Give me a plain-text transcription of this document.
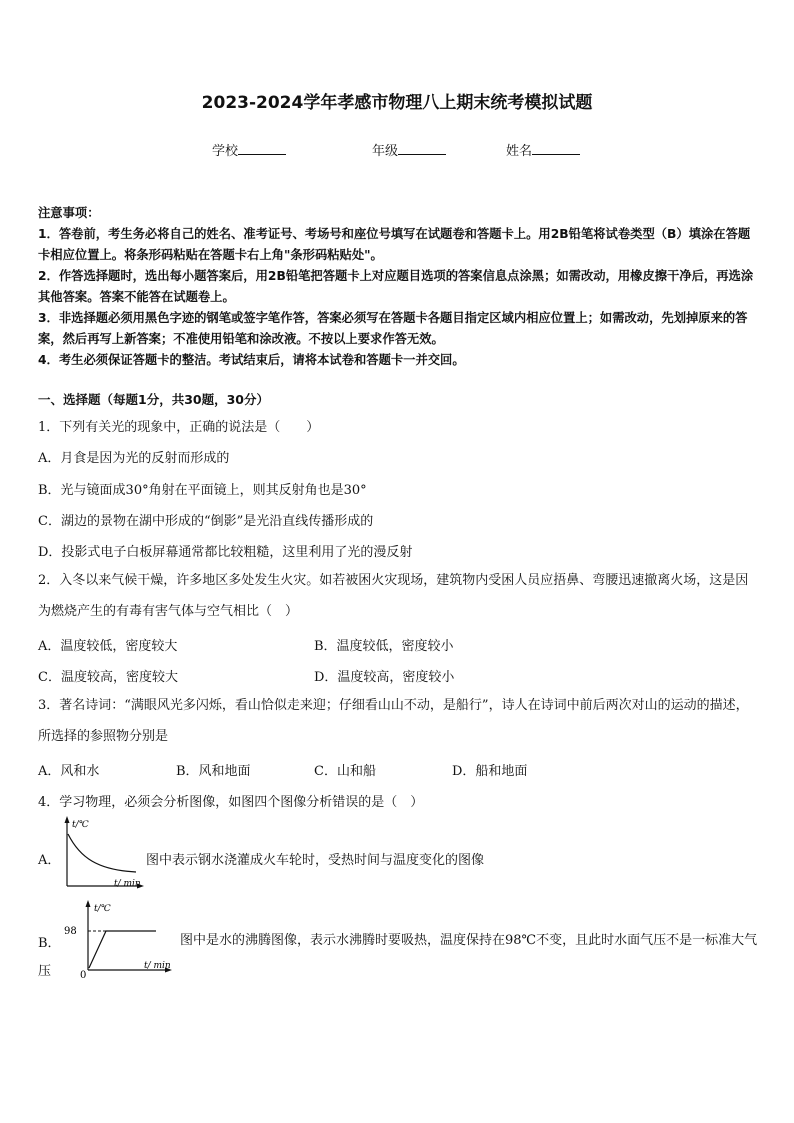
2023-2024学年孝感市物理八上期末统考模拟试题
学校	年级	姓名

注意事项：

1．答卷前，考生务必将自己的姓名、准考证号、考场号和座位号填写在试题卷和答题卡上。用2B铅笔将试卷类型（B）填涂在答题卡相应位置上。将条形码粘贴在答题卡右上角"条形码粘贴处"。

2．作答选择题时，选出每小题答案后，用2B铅笔把答题卡上对应题目选项的答案信息点涂黑；如需改动，用橡皮擦干净后，再选涂其他答案。答案不能答在试题卷上。

3．非选择题必须用黑色字迹的钢笔或签字笔作答，答案必须写在答题卡各题目指定区域内相应位置上；如需改动，先划掉原来的答案，然后再写上新答案；不准使用铅笔和涂改液。不按以上要求作答无效。

4．考生必须保证答题卡的整洁。考试结束后，请将本试卷和答题卡一并交回。

一、选择题（每题1分，共30题，30分）
1．下列有关光的现象中，正确的说法是（　　）
A．月食是因为光的反射而形成的
B．光与镜面成30°角射在平面镜上，则其反射角也是30°
C．湖边的景物在湖中形成的“倒影”是光沿直线传播形成的
D．投影式电子白板屏幕通常都比较粗糙，这里利用了光的漫反射
2．入冬以来气候干燥，许多地区多处发生火灾。如若被困火灾现场，建筑物内受困人员应捂鼻、弯腰迅速撤离火场，这是因为燃烧产生的有毒有害气体与空气相比（　）
A．温度较低，密度较大	B．温度较低，密度较小
C．温度较高，密度较大	D．温度较高，密度较小
3．著名诗词：“满眼风光多闪烁，看山恰似走来迎；仔细看山山不动，是船行”，诗人在诗词中前后两次对山的运动的描述，所选择的参照物分别是
A．风和水	B．风和地面	C．山和船	D．船和地面
4．学习物理，必须会分析图像，如图四个图像分析错误的是（　）
A．
t/℃
t/ min
图中表示钢水浇灌成火车轮时，受热时间与温度变化的图像
B．
t/℃
98
0
t/ min
图中是水的沸腾图像，表示水沸腾时要吸热，温度保持在98℃不变，且此时水面气压不是一标准大气压
